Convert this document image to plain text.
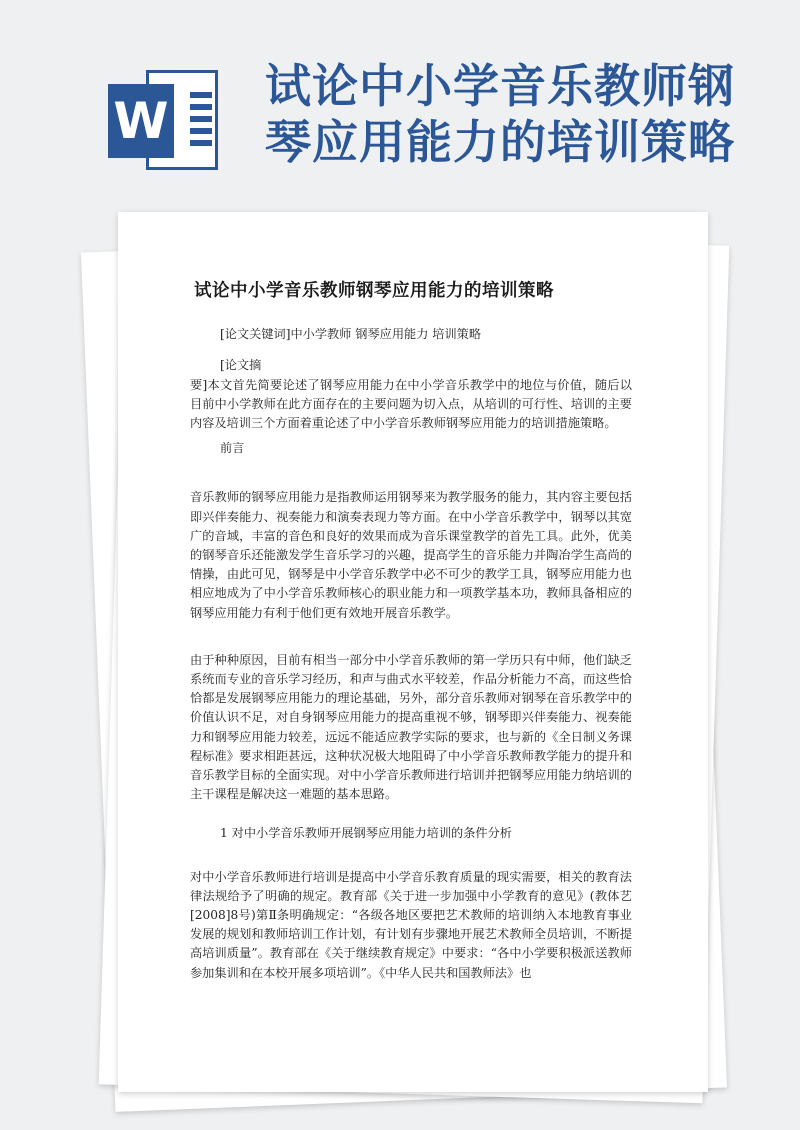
W
试论中小学音乐教师钢琴应用能力的培训策略
试论中小学音乐教师钢琴应用能力的培训策略
[论文关键词]中小学教师 钢琴应用能力 培训策略
[论文摘
要]本文首先简要论述了钢琴应用能力在中小学音乐教学中的地位与价值，随后以目前中小学教师在此方面存在的主要问题为切入点，从培训的可行性、培训的主要内容及培训三个方面着重论述了中小学音乐教师钢琴应用能力的培训措施策略。
前言
音乐教师的钢琴应用能力是指教师运用钢琴来为教学服务的能力，其内容主要包括即兴伴奏能力、视奏能力和演奏表现力等方面。在中小学音乐教学中，钢琴以其宽广的音域，丰富的音色和良好的效果而成为音乐课堂教学的首先工具。此外，优美的钢琴音乐还能激发学生音乐学习的兴趣，提高学生的音乐能力并陶冶学生高尚的情操，由此可见，钢琴是中小学音乐教学中必不可少的教学工具，钢琴应用能力也相应地成为了中小学音乐教师核心的职业能力和一项教学基本功，教师具备相应的钢琴应用能力有利于他们更有效地开展音乐教学。
由于种种原因，目前有相当一部分中小学音乐教师的第一学历只有中师，他们缺乏系统而专业的音乐学习经历，和声与曲式水平较差，作品分析能力不高，而这些恰恰都是发展钢琴应用能力的理论基础，另外，部分音乐教师对钢琴在音乐教学中的价值认识不足，对自身钢琴应用能力的提高重视不够，钢琴即兴伴奏能力、视奏能力和钢琴应用能力较差，远远不能适应教学实际的要求，也与新的《全日制义务课程标准》要求相距甚远，这种状况极大地阻碍了中小学音乐教师教学能力的提升和音乐教学目标的全面实现。对中小学音乐教师进行培训并把钢琴应用能力纳培训的主干课程是解决这一难题的基本思路。
1 对中小学音乐教师开展钢琴应用能力培训的条件分析
对中小学音乐教师进行培训是提高中小学音乐教育质量的现实需要，相关的教育法律法规给予了明确的规定。教育部《关于进一步加强中小学教育的意见》(教体艺[2008]8号)第Ⅱ条明确规定：“各级各地区要把艺术教师的培训纳入本地教育事业发展的规划和教师培训工作计划，有计划有步骤地开展艺术教师全员培训，不断提高培训质量”。教育部在《关于继续教育规定》中要求：“各中小学要积极派送教师参加集训和在本校开展多项培训”。《中华人民共和国教师法》也
